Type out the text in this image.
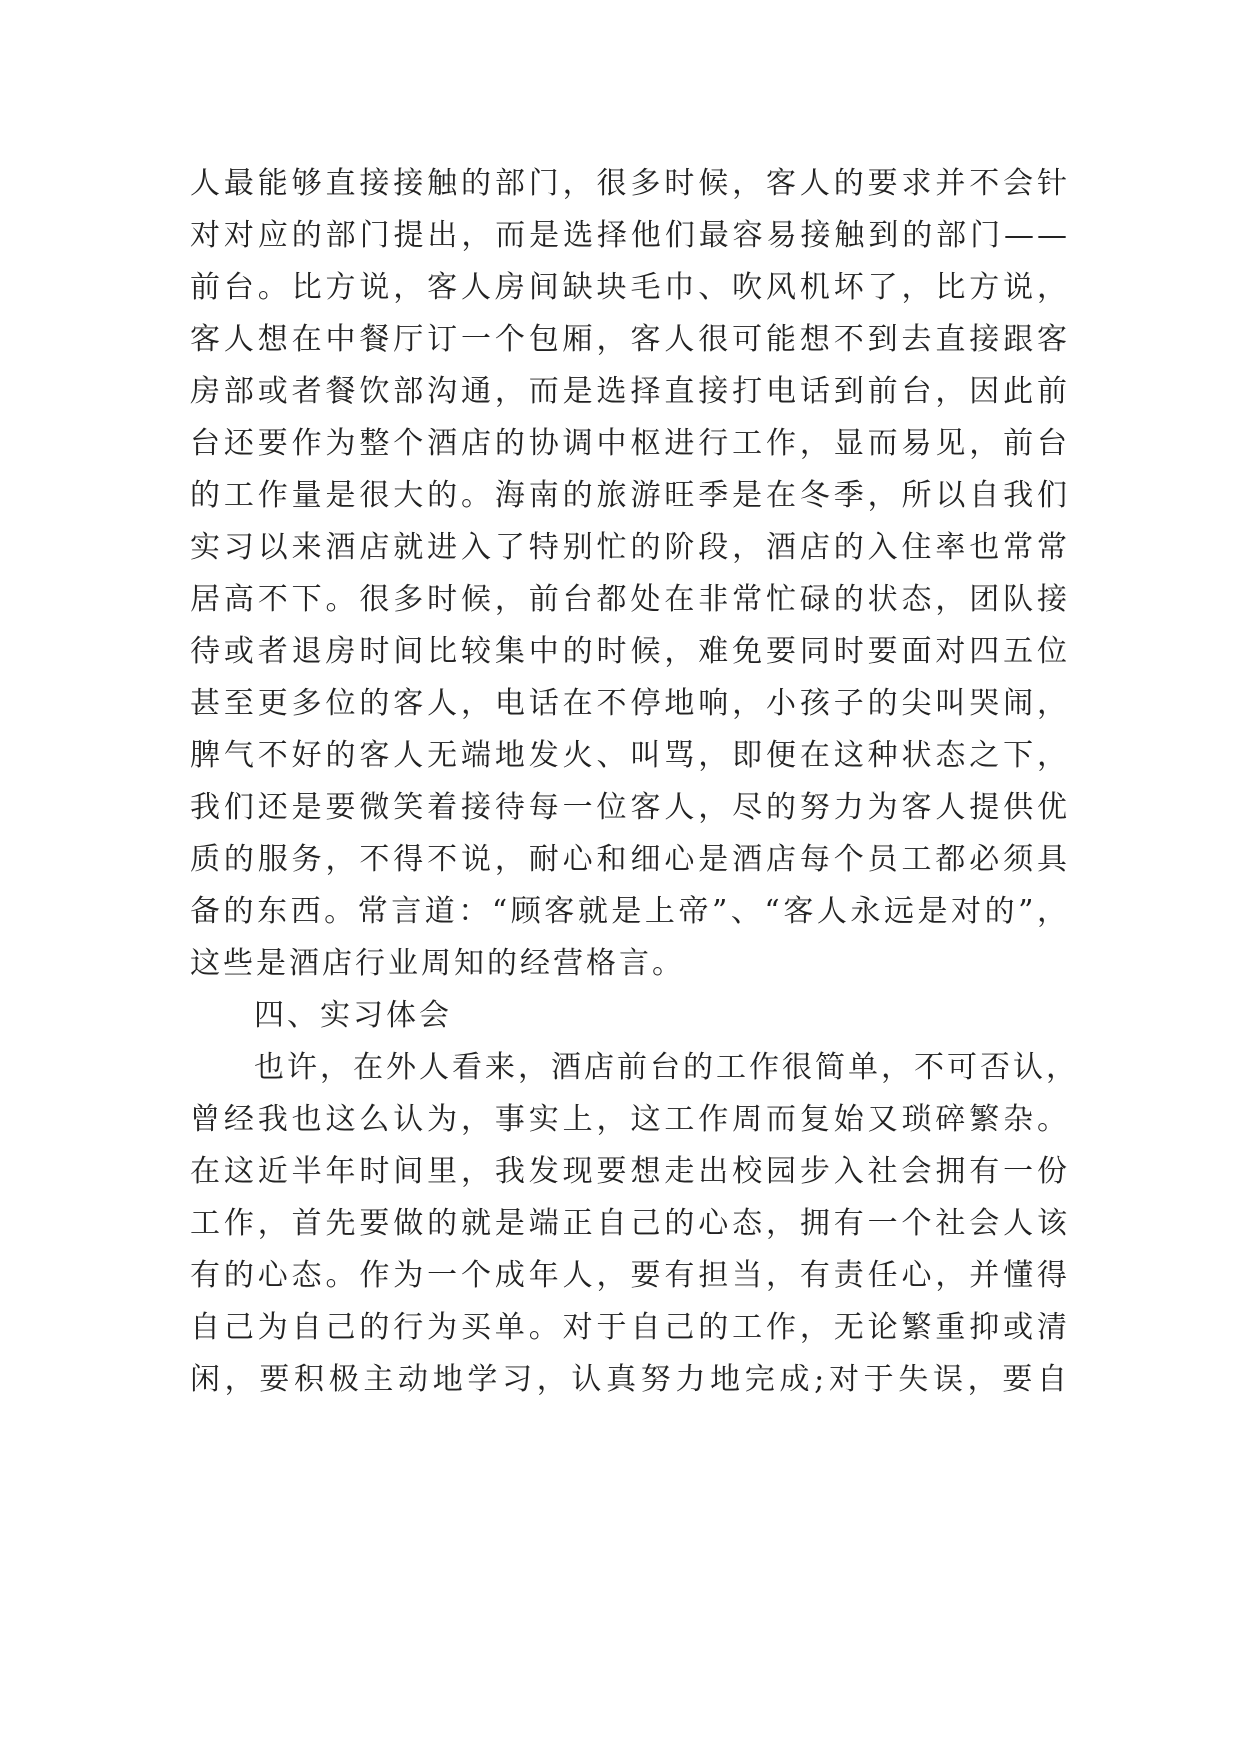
人最能够直接接触的部门，很多时候，客人的要求并不会针
对对应的部门提出，而是选择他们最容易接触到的部门——
前台。比方说，客人房间缺块毛巾、吹风机坏了，比方说，
客人想在中餐厅订一个包厢，客人很可能想不到去直接跟客
房部或者餐饮部沟通，而是选择直接打电话到前台，因此前
台还要作为整个酒店的协调中枢进行工作，显而易见，前台
的工作量是很大的。海南的旅游旺季是在冬季，所以自我们
实习以来酒店就进入了特别忙的阶段，酒店的入住率也常常
居高不下。很多时候，前台都处在非常忙碌的状态，团队接
待或者退房时间比较集中的时候，难免要同时要面对四五位
甚至更多位的客人，电话在不停地响，小孩子的尖叫哭闹，
脾气不好的客人无端地发火、叫骂，即便在这种状态之下，
我们还是要微笑着接待每一位客人，尽的努力为客人提供优
质的服务，不得不说，耐心和细心是酒店每个员工都必须具
备的东西。常言道：“顾客就是上帝”、“客人永远是对的”，
这些是酒店行业周知的经营格言。
四、实习体会
也许，在外人看来，酒店前台的工作很简单，不可否认，
曾经我也这么认为，事实上，这工作周而复始又琐碎繁杂。
在这近半年时间里，我发现要想走出校园步入社会拥有一份
工作，首先要做的就是端正自己的心态，拥有一个社会人该
有的心态。作为一个成年人，要有担当，有责任心，并懂得
自己为自己的行为买单。对于自己的工作，无论繁重抑或清
闲，要积极主动地学习，认真努力地完成;对于失误，要自
